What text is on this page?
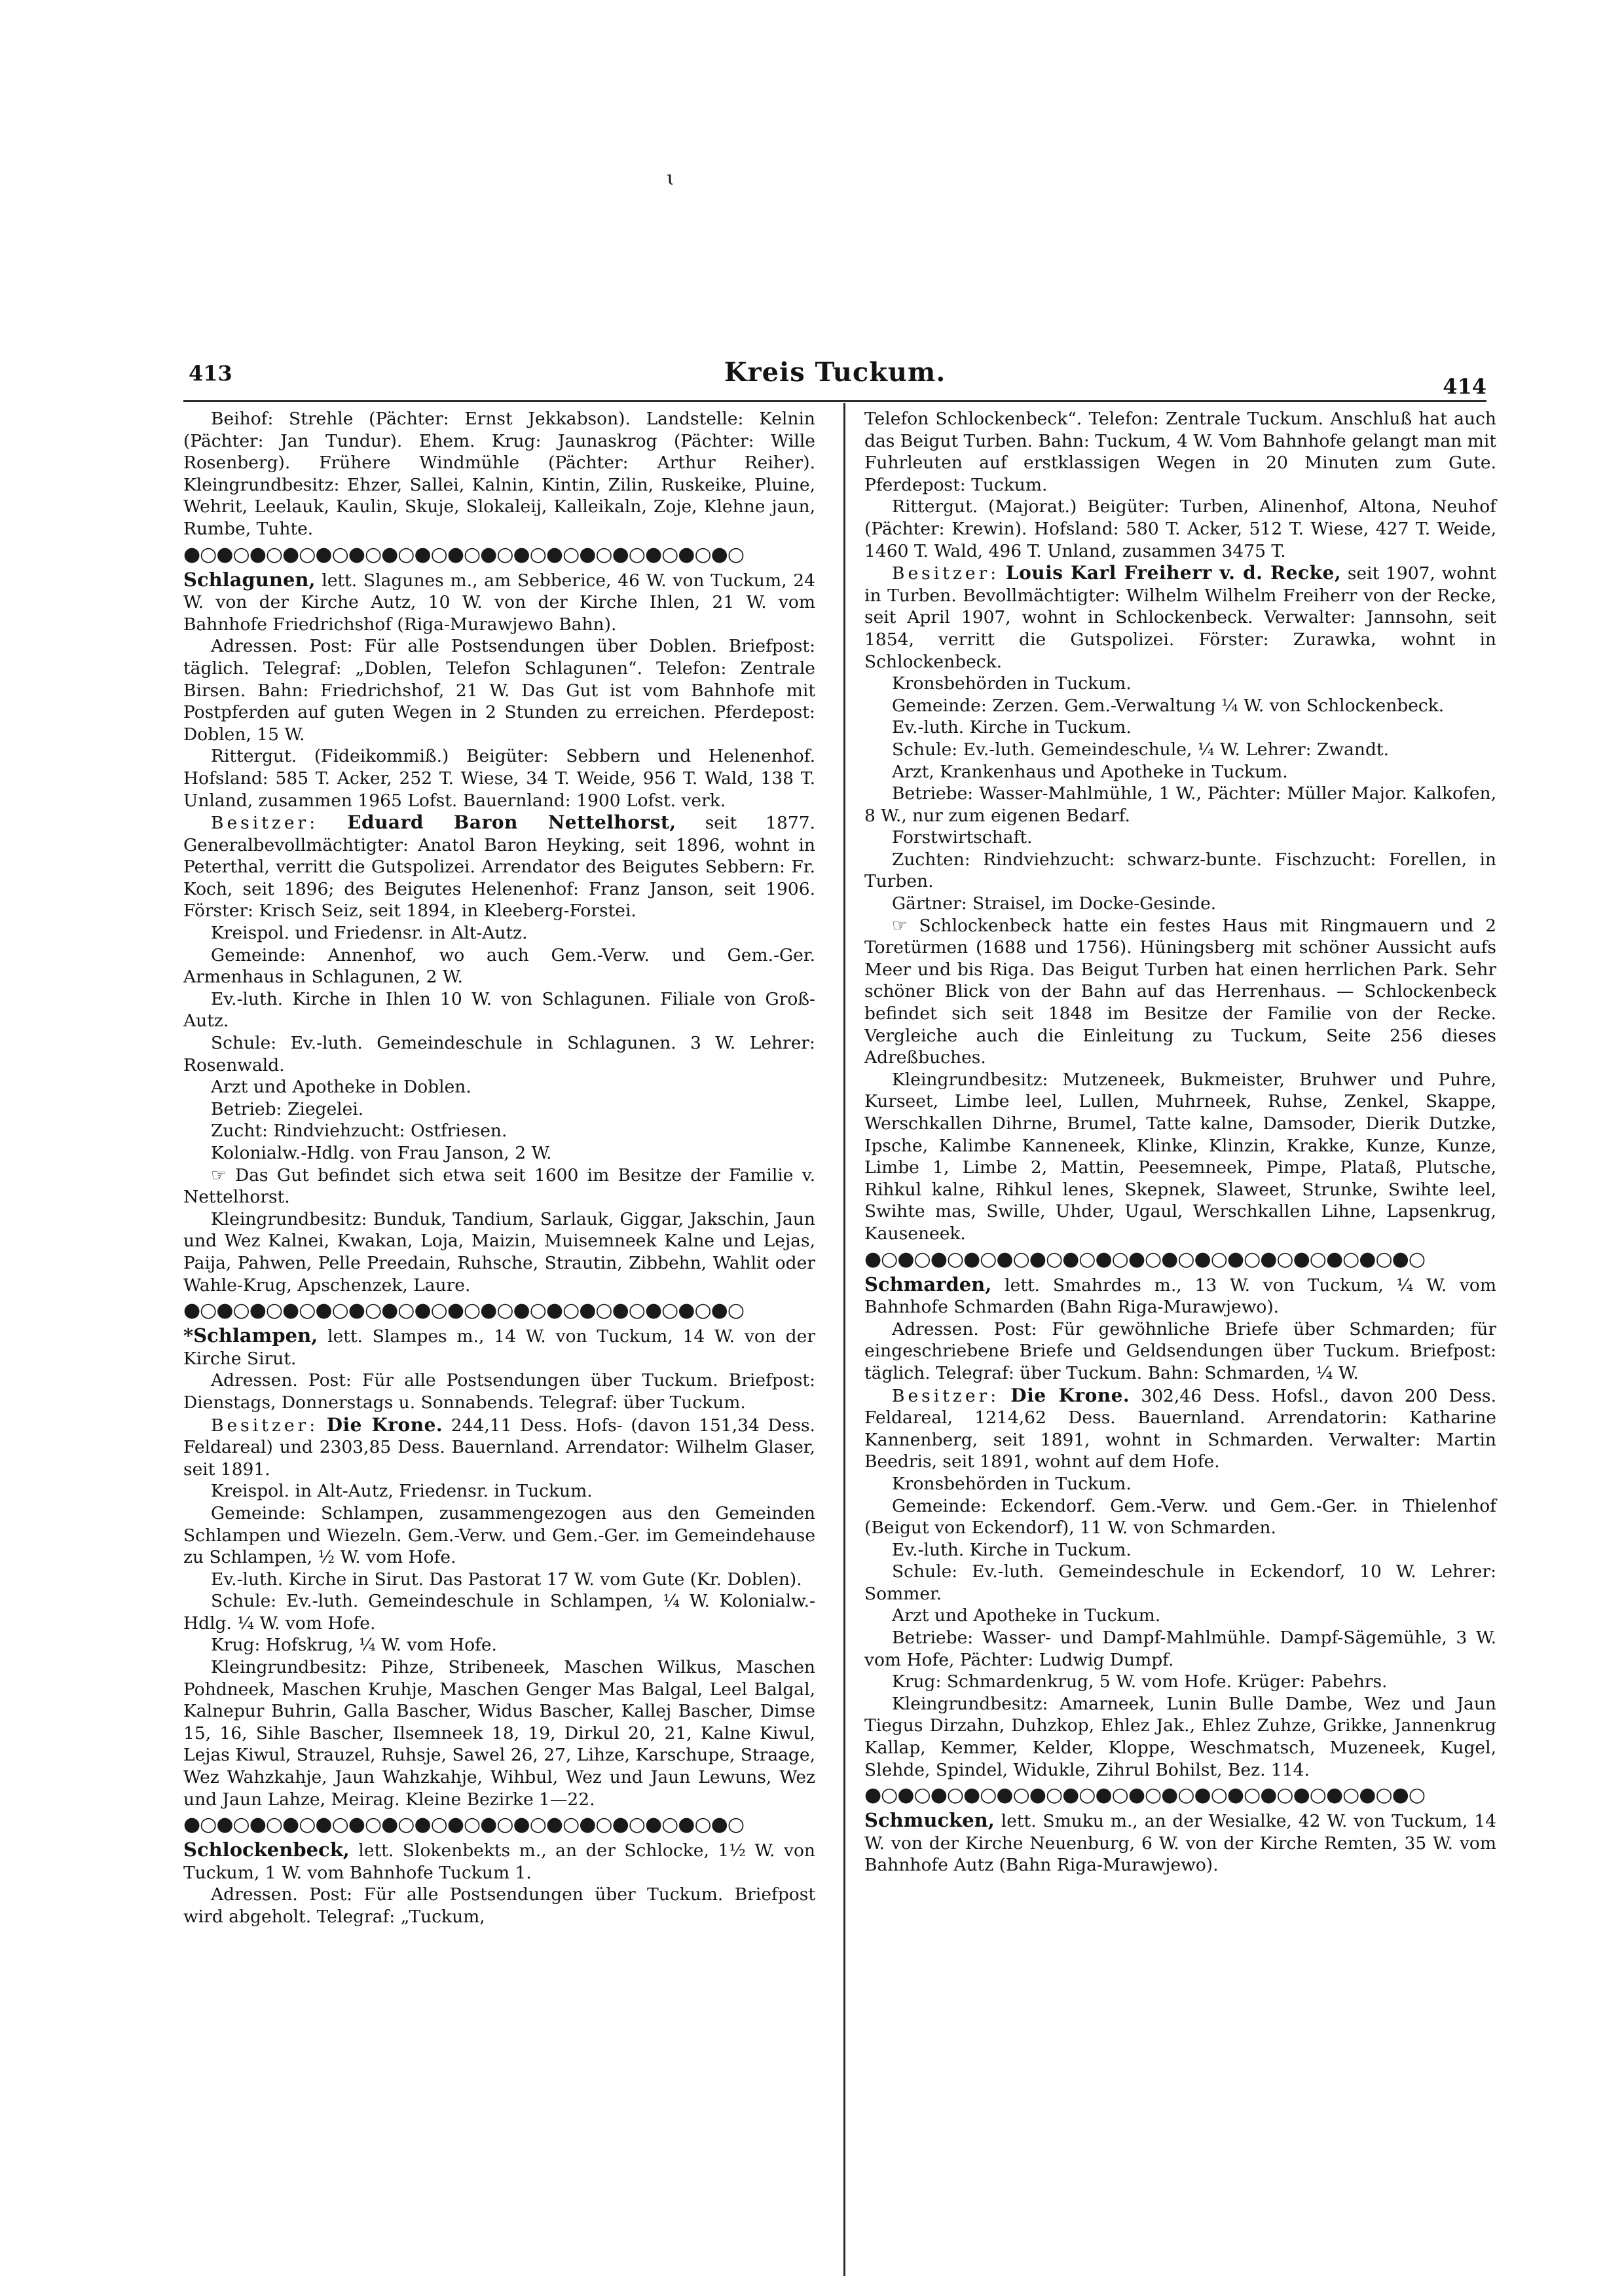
ɩ
413	Kreis Tuckum.	414

Beihof: Strehle (Pächter: Ernst Jekkabson). Landstelle: Kelnin (Pächter: Jan Tundur). Ehem. Krug: Jaunaskrog (Pächter: Wille Rosenberg). Frühere Windmühle (Pächter: Arthur Reiher). Kleingrundbesitz: Ehzer, Sallei, Kalnin, Kintin, Zilin, Ruskeike, Pluine, Wehrit, Leelauk, Kaulin, Skuje, Slokaleij, Kalleikaln, Zoje, Klehne jaun, Rumbe, Tuhte.

●○●○●○●○●○●○●○●○●○●○●○●○●○●○●○●○●○

Schlagunen, lett. Slagunes m., am Sebberice, 46 W. von Tuckum, 24 W. von der Kirche Autz, 10 W. von der Kirche Ihlen, 21 W. vom Bahnhofe Friedrichshof (Riga-Murawjewo Bahn).

Adressen. Post: Für alle Postsendungen über Doblen. Briefpost: täglich. Telegraf: „Doblen, Telefon Schlagunen“. Telefon: Zentrale Birsen. Bahn: Friedrichshof, 21 W. Das Gut ist vom Bahnhofe mit Postpferden auf guten Wegen in 2 Stunden zu erreichen. Pferdepost: Doblen, 15 W.

Rittergut. (Fideikommiß.) Beigüter: Sebbern und Helenenhof. Hofsland: 585 T. Acker, 252 T. Wiese, 34 T. Weide, 956 T. Wald, 138 T. Unland, zusammen 1965 Lofst. Bauernland: 1900 Lofst. verk.

Besitzer: Eduard Baron Nettelhorst, seit 1877. Generalbevollmächtigter: Anatol Baron Heyking, seit 1896, wohnt in Peterthal, verritt die Gutspolizei. Arrendator des Beigutes Sebbern: Fr. Koch, seit 1896; des Beigutes Helenenhof: Franz Janson, seit 1906. Förster: Krisch Seiz, seit 1894, in Kleeberg-Forstei.

Kreispol. und Friedensr. in Alt-Autz.

Gemeinde: Annenhof, wo auch Gem.-Verw. und Gem.-Ger. Armenhaus in Schlagunen, 2 W.

Ev.-luth. Kirche in Ihlen 10 W. von Schlagunen. Filiale von Groß-Autz.

Schule: Ev.-luth. Gemeindeschule in Schlagunen. 3 W. Lehrer: Rosenwald.

Arzt und Apotheke in Doblen.

Betrieb: Ziegelei.

Zucht: Rindviehzucht: Ostfriesen.

Kolonialw.-Hdlg. von Frau Janson, 2 W.

☞ Das Gut befindet sich etwa seit 1600 im Besitze der Familie v. Nettelhorst.

Kleingrundbesitz: Bunduk, Tandium, Sarlauk, Giggar, Jakschin, Jaun und Wez Kalnei, Kwakan, Loja, Maizin, Muisemneek Kalne und Lejas, Paija, Pahwen, Pelle Preedain, Ruhsche, Strautin, Zibbehn, Wahlit oder Wahle-Krug, Apschenzek, Laure.

●○●○●○●○●○●○●○●○●○●○●○●○●○●○●○●○●○

*Schlampen, lett. Slampes m., 14 W. von Tuckum, 14 W. von der Kirche Sirut.

Adressen. Post: Für alle Postsendungen über Tuckum. Briefpost: Dienstags, Donnerstags u. Sonnabends. Telegraf: über Tuckum.

Besitzer: Die Krone. 244,11 Dess. Hofs- (davon 151,34 Dess. Feldareal) und 2303,85 Dess. Bauernland. Arrendator: Wilhelm Glaser, seit 1891.

Kreispol. in Alt-Autz, Friedensr. in Tuckum.

Gemeinde: Schlampen, zusammengezogen aus den Gemeinden Schlampen und Wiezeln. Gem.-Verw. und Gem.-Ger. im Gemeindehause zu Schlampen, ½ W. vom Hofe.

Ev.-luth. Kirche in Sirut. Das Pastorat 17 W. vom Gute (Kr. Doblen).

Schule: Ev.-luth. Gemeindeschule in Schlampen, ¼ W. Kolonialw.-Hdlg. ¼ W. vom Hofe.

Krug: Hofskrug, ¼ W. vom Hofe.

Kleingrundbesitz: Pihze, Stribeneek, Maschen Wilkus, Maschen Pohdneek, Maschen Kruhje, Maschen Genger Mas Balgal, Leel Balgal, Kalnepur Buhrin, Galla Bascher, Widus Bascher, Kallej Bascher, Dimse 15, 16, Sihle Bascher, Ilsemneek 18, 19, Dirkul 20, 21, Kalne Kiwul, Lejas Kiwul, Strauzel, Ruhsje, Sawel 26, 27, Lihze, Karschupe, Straage, Wez Wahzkahje, Jaun Wahzkahje, Wihbul, Wez und Jaun Lewuns, Wez und Jaun Lahze, Meirag. Kleine Bezirke 1—22.

●○●○●○●○●○●○●○●○●○●○●○●○●○●○●○●○●○

Schlockenbeck, lett. Slokenbekts m., an der Schlocke, 1½ W. von Tuckum, 1 W. vom Bahnhofe Tuckum 1.

Adressen. Post: Für alle Postsendungen über Tuckum. Briefpost wird abgeholt. Telegraf: „Tuckum,

Telefon Schlockenbeck“. Telefon: Zentrale Tuckum. Anschluß hat auch das Beigut Turben. Bahn: Tuckum, 4 W. Vom Bahnhofe gelangt man mit Fuhrleuten auf erstklassigen Wegen in 20 Minuten zum Gute. Pferdepost: Tuckum.

Rittergut. (Majorat.) Beigüter: Turben, Alinenhof, Altona, Neuhof (Pächter: Krewin). Hofsland: 580 T. Acker, 512 T. Wiese, 427 T. Weide, 1460 T. Wald, 496 T. Unland, zusammen 3475 T.

Besitzer: Louis Karl Freiherr v. d. Recke, seit 1907, wohnt in Turben. Bevollmächtigter: Wilhelm Wilhelm Freiherr von der Recke, seit April 1907, wohnt in Schlockenbeck. Verwalter: Jannsohn, seit 1854, verritt die Gutspolizei. Förster: Zurawka, wohnt in Schlockenbeck.

Kronsbehörden in Tuckum.

Gemeinde: Zerzen. Gem.-Verwaltung ¼ W. von Schlockenbeck.

Ev.-luth. Kirche in Tuckum.

Schule: Ev.-luth. Gemeindeschule, ¼ W. Lehrer: Zwandt.

Arzt, Krankenhaus und Apotheke in Tuckum.

Betriebe: Wasser-Mahlmühle, 1 W., Pächter: Müller Major. Kalkofen, 8 W., nur zum eigenen Bedarf.

Forstwirtschaft.

Zuchten: Rindviehzucht: schwarz-bunte. Fischzucht: Forellen, in Turben.

Gärtner: Straisel, im Docke-Gesinde.

☞ Schlockenbeck hatte ein festes Haus mit Ringmauern und 2 Toretürmen (1688 und 1756). Hüningsberg mit schöner Aussicht aufs Meer und bis Riga. Das Beigut Turben hat einen herrlichen Park. Sehr schöner Blick von der Bahn auf das Herrenhaus. — Schlockenbeck befindet sich seit 1848 im Besitze der Familie von der Recke. Vergleiche auch die Einleitung zu Tuckum, Seite 256 dieses Adreßbuches.

Kleingrundbesitz: Mutzeneek, Bukmeister, Bruhwer und Puhre, Kurseet, Limbe leel, Lullen, Muhrneek, Ruhse, Zenkel, Skappe, Werschkallen Dihrne, Brumel, Tatte kalne, Damsoder, Dierik Dutzke, Ipsche, Kalimbe Kanneneek, Klinke, Klinzin, Krakke, Kunze, Kunze, Limbe 1, Limbe 2, Mattin, Peesemneek, Pimpe, Plataß, Plutsche, Rihkul kalne, Rihkul lenes, Skepnek, Slaweet, Strunke, Swihte leel, Swihte mas, Swille, Uhder, Ugaul, Werschkallen Lihne, Lapsenkrug, Kauseneek.

●○●○●○●○●○●○●○●○●○●○●○●○●○●○●○●○●○

Schmarden, lett. Smahrdes m., 13 W. von Tuckum, ¼ W. vom Bahnhofe Schmarden (Bahn Riga-Murawjewo).

Adressen. Post: Für gewöhnliche Briefe über Schmarden; für eingeschriebene Briefe und Geldsendungen über Tuckum. Briefpost: täglich. Telegraf: über Tuckum. Bahn: Schmarden, ¼ W.

Besitzer: Die Krone. 302,46 Dess. Hofsl., davon 200 Dess. Feldareal, 1214,62 Dess. Bauernland. Arrendatorin: Katharine Kannenberg, seit 1891, wohnt in Schmarden. Verwalter: Martin Beedris, seit 1891, wohnt auf dem Hofe.

Kronsbehörden in Tuckum.

Gemeinde: Eckendorf. Gem.-Verw. und Gem.-Ger. in Thielenhof (Beigut von Eckendorf), 11 W. von Schmarden.

Ev.-luth. Kirche in Tuckum.

Schule: Ev.-luth. Gemeindeschule in Eckendorf, 10 W. Lehrer: Sommer.

Arzt und Apotheke in Tuckum.

Betriebe: Wasser- und Dampf-Mahlmühle. Dampf-Sägemühle, 3 W. vom Hofe, Pächter: Ludwig Dumpf.

Krug: Schmardenkrug, 5 W. vom Hofe. Krüger: Pabehrs.

Kleingrundbesitz: Amarneek, Lunin Bulle Dambe, Wez und Jaun Tiegus Dirzahn, Duhzkop, Ehlez Jak., Ehlez Zuhze, Grikke, Jannenkrug Kallap, Kemmer, Kelder, Kloppe, Weschmatsch, Muzeneek, Kugel, Slehde, Spindel, Widukle, Zihrul Bohilst, Bez. 114.

●○●○●○●○●○●○●○●○●○●○●○●○●○●○●○●○●○

Schmucken, lett. Smuku m., an der Wesialke, 42 W. von Tuckum, 14 W. von der Kirche Neuenburg, 6 W. von der Kirche Remten, 35 W. vom Bahnhofe Autz (Bahn Riga-Murawjewo).
